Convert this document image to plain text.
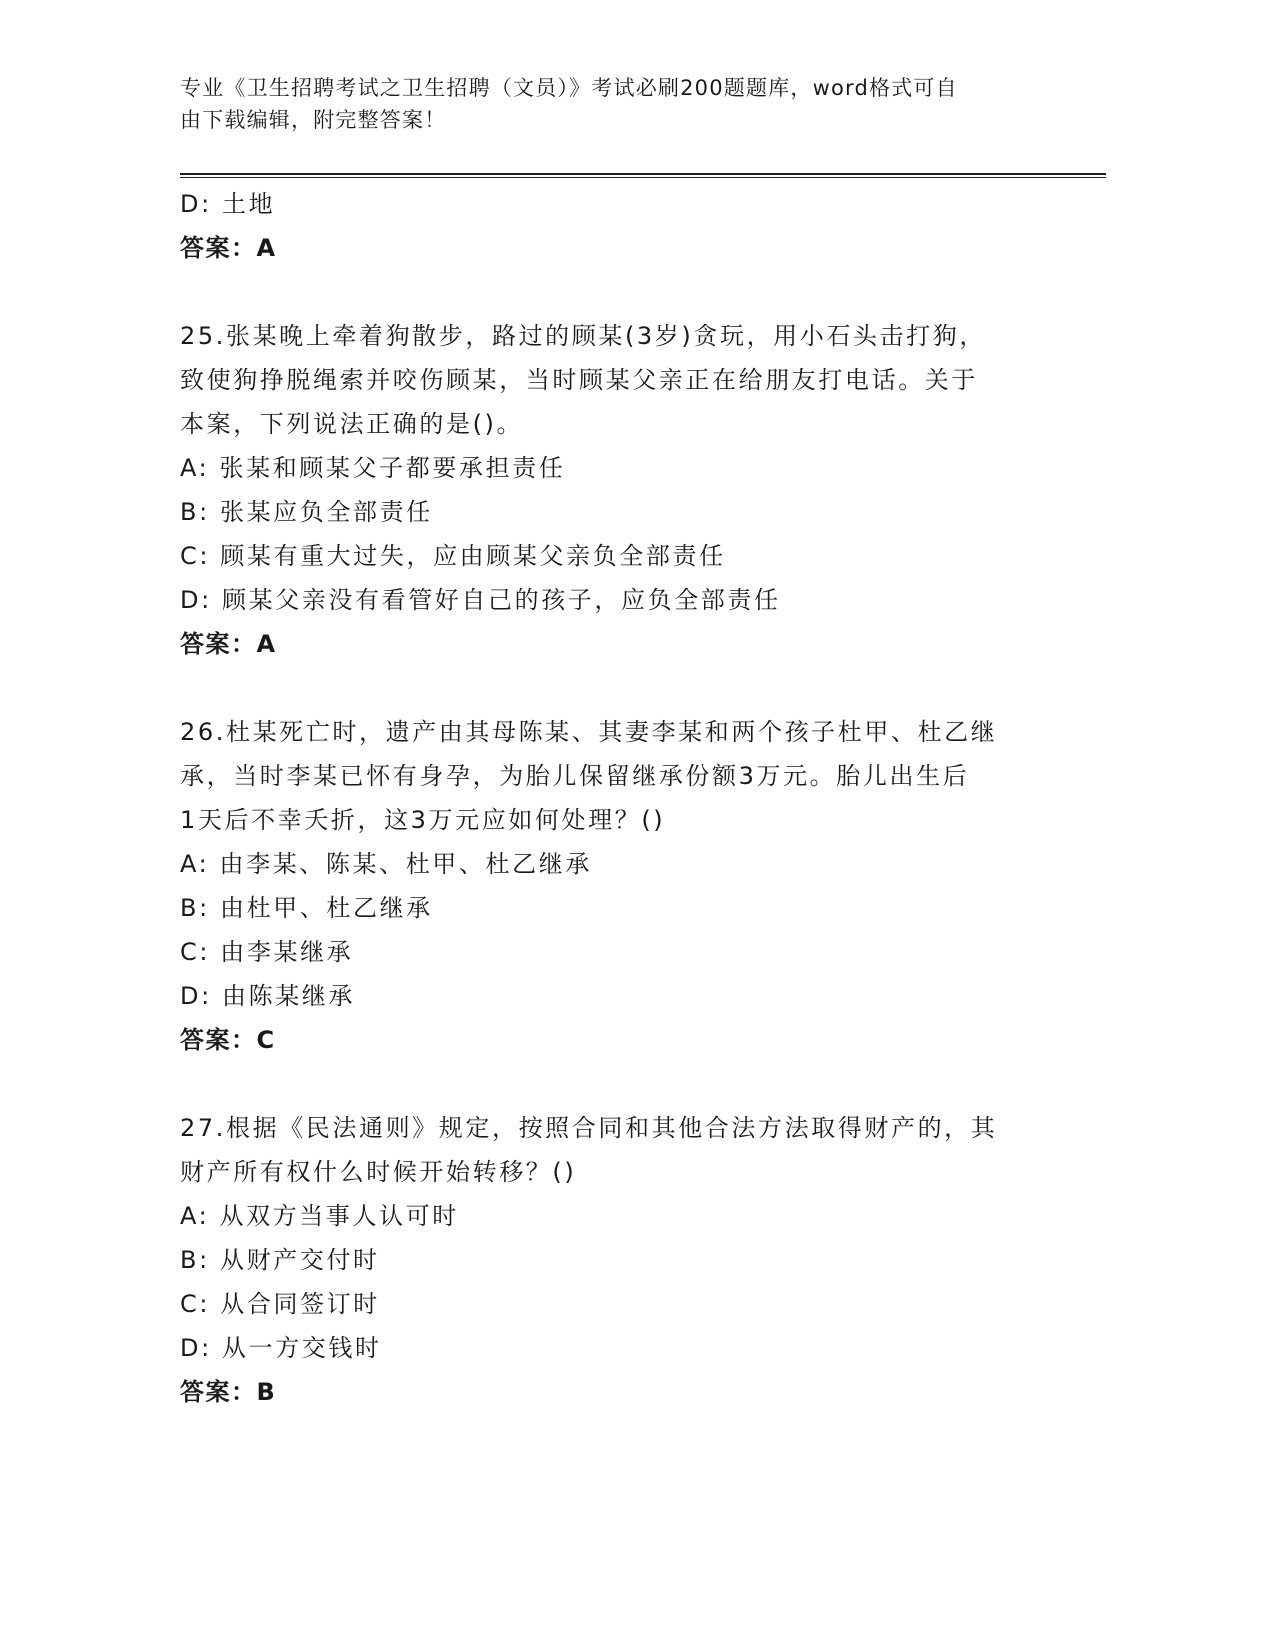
专业《卫生招聘考试之卫生招聘（文员）》考试必刷200题题库，word格式可自
由下载编辑，附完整答案！
D: 土地
答案：A
25.张某晚上牵着狗散步，路过的顾某(3岁)贪玩，用小石头击打狗，
致使狗挣脱绳索并咬伤顾某，当时顾某父亲正在给朋友打电话。关于
本案，下列说法正确的是()。
A: 张某和顾某父子都要承担责任
B: 张某应负全部责任
C: 顾某有重大过失，应由顾某父亲负全部责任
D: 顾某父亲没有看管好自己的孩子，应负全部责任
答案：A
26.杜某死亡时，遗产由其母陈某、其妻李某和两个孩子杜甲、杜乙继
承，当时李某已怀有身孕，为胎儿保留继承份额3万元。胎儿出生后
1天后不幸夭折，这3万元应如何处理？()
A: 由李某、陈某、杜甲、杜乙继承
B: 由杜甲、杜乙继承
C: 由李某继承
D: 由陈某继承
答案：C
27.根据《民法通则》规定，按照合同和其他合法方法取得财产的，其
财产所有权什么时候开始转移？()
A: 从双方当事人认可时
B: 从财产交付时
C: 从合同签订时
D: 从一方交钱时
答案：B
